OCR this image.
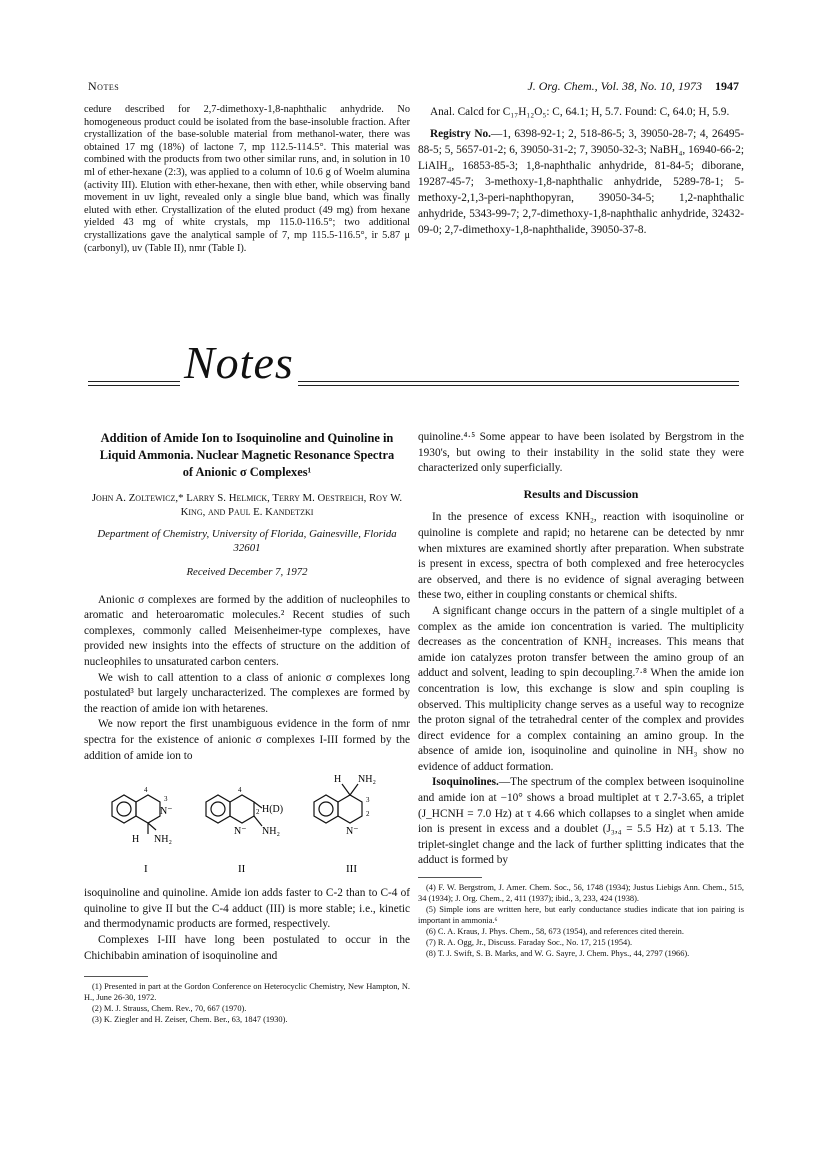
Notes	J. Org. Chem., Vol. 38, No. 10, 1973 1947
cedure described for 2,7-dimethoxy-1,8-naphthalic anhydride. No homogeneous product could be isolated from the base-insoluble fraction. After crystallization of the base-soluble material from methanol-water, there was obtained 17 mg (18%) of lactone 7, mp 112.5-114.5°. This material was combined with the products from two other similar runs, and, in solution in 10 ml of ether-hexane (2:3), was applied to a column of 10.6 g of Woelm alumina (activity III). Elution with ether-hexane, then with ether, while observing band movement in uv light, revealed only a single blue band, which was finally eluted with ether. Crystallization of the eluted product (49 mg) from hexane yielded 43 mg of white crystals, mp 115.0-116.5°; two additional crystallizations gave the analytical sample of 7, mp 115.5-116.5°, ir 5.87 μ (carbonyl), uv (Table II), nmr (Table I).

Anal. Calcd for C₁₇H₁₂O₅: C, 64.1; H, 5.7. Found: C, 64.0; H, 5.9.

Registry No.—1, 6398-92-1; 2, 518-86-5; 3, 39050-28-7; 4, 26495-88-5; 5, 5657-01-2; 6, 39050-31-2; 7, 39050-32-3; NaBH₄, 16940-66-2; LiAlH₄, 16853-85-3; 1,8-naphthalic anhydride, 81-84-5; diborane, 19287-45-7; 3-methoxy-1,8-naphthalic anhydride, 5289-78-1; 5-methoxy-2,1,3-peri-naphthopyran, 39050-34-5; 1,2-naphthalic anhydride, 5343-99-7; 2,7-dimethoxy-1,8-naphthalic anhydride, 32432-09-0; 2,7-dimethoxy-1,8-naphthalide, 39050-37-8.

Notes
Addition of Amide Ion to Isoquinoline and Quinoline in Liquid Ammonia. Nuclear Magnetic Resonance Spectra of Anionic σ Complexes¹
John A. Zoltewicz,* Larry S. Helmick, Terry M. Oestreich, Roy W. King, and Paul E. Kandetzki
Department of Chemistry, University of Florida, Gainesville, Florida 32601
Received December 7, 1972

Anionic σ complexes are formed by the addition of nucleophiles to aromatic and heteroaromatic molecules.² Recent studies of such complexes, commonly called Meisenheimer-type complexes, have provided new insights into the effects of structure on the addition of nucleophiles to unsaturated carbon centers.

We wish to call attention to a class of anionic σ complexes long postulated³ but largely uncharacterized. The complexes are formed by the reaction of amide ion with hetarenes.

We now report the first unambiguous evidence in the form of nmr spectra for the existence of anionic σ complexes I-III formed by the addition of amide ion to

4
3
N⁻
H NH₂
I
4
2 H(D)
N⁻ NH₂
II
H NH₂
3
2
N⁻
III

isoquinoline and quinoline. Amide ion adds faster to C-2 than to C-4 of quinoline to give II but the C-4 adduct (III) is more stable; i.e., kinetic and thermodynamic products are formed, respectively.

Complexes I-III have long been postulated to occur in the Chichibabin amination of isoquinoline and

(1) Presented in part at the Gordon Conference on Heterocyclic Chemistry, New Hampton, N. H., June 26-30, 1972.

(2) M. J. Strauss, Chem. Rev., 70, 667 (1970).

(3) K. Ziegler and H. Zeiser, Chem. Ber., 63, 1847 (1930).

quinoline.⁴·⁵ Some appear to have been isolated by Bergstrom in the 1930's, but owing to their instability in the solid state they were characterized only superficially.

Results and Discussion

In the presence of excess KNH₂, reaction with isoquinoline or quinoline is complete and rapid; no hetarene can be detected by nmr when mixtures are examined shortly after preparation. When substrate is present in excess, spectra of both complexed and free heterocycles are observed, and there is no evidence of signal averaging between these two, either in coupling constants or chemical shifts.

A significant change occurs in the pattern of a single multiplet of a complex as the amide ion concentration is varied. The multiplicity decreases as the concentration of KNH₂ increases. This means that amide ion catalyzes proton transfer between the amino group of an adduct and solvent, leading to spin decoupling.⁷·⁸ When the amide ion concentration is low, this exchange is slow and spin coupling is observed. This multiplicity change serves as a useful way to recognize the proton signal of the tetrahedral center of the complex and provides direct evidence for a complex containing an amino group. In the absence of amide ion, isoquinoline and quinoline in NH₃ show no evidence of adduct formation.

Isoquinolines.—The spectrum of the complex between isoquinoline and amide ion at −10° shows a broad multiplet at τ 2.7-3.65, a triplet (J_HCNH = 7.0 Hz) at τ 4.66 which collapses to a singlet when amide ion is present in excess and a doublet (J₃,₄ = 5.5 Hz) at τ 5.13. The triplet-singlet change and the lack of further splitting indicates that the adduct is formed by

(4) F. W. Bergstrom, J. Amer. Chem. Soc., 56, 1748 (1934); Justus Liebigs Ann. Chem., 515, 34 (1934); J. Org. Chem., 2, 411 (1937); ibid., 3, 233, 424 (1938).

(5) Simple ions are written here, but early conductance studies indicate that ion pairing is important in ammonia.⁶

(6) C. A. Kraus, J. Phys. Chem., 58, 673 (1954), and references cited therein.

(7) R. A. Ogg, Jr., Discuss. Faraday Soc., No. 17, 215 (1954).

(8) T. J. Swift, S. B. Marks, and W. G. Sayre, J. Chem. Phys., 44, 2797 (1966).
